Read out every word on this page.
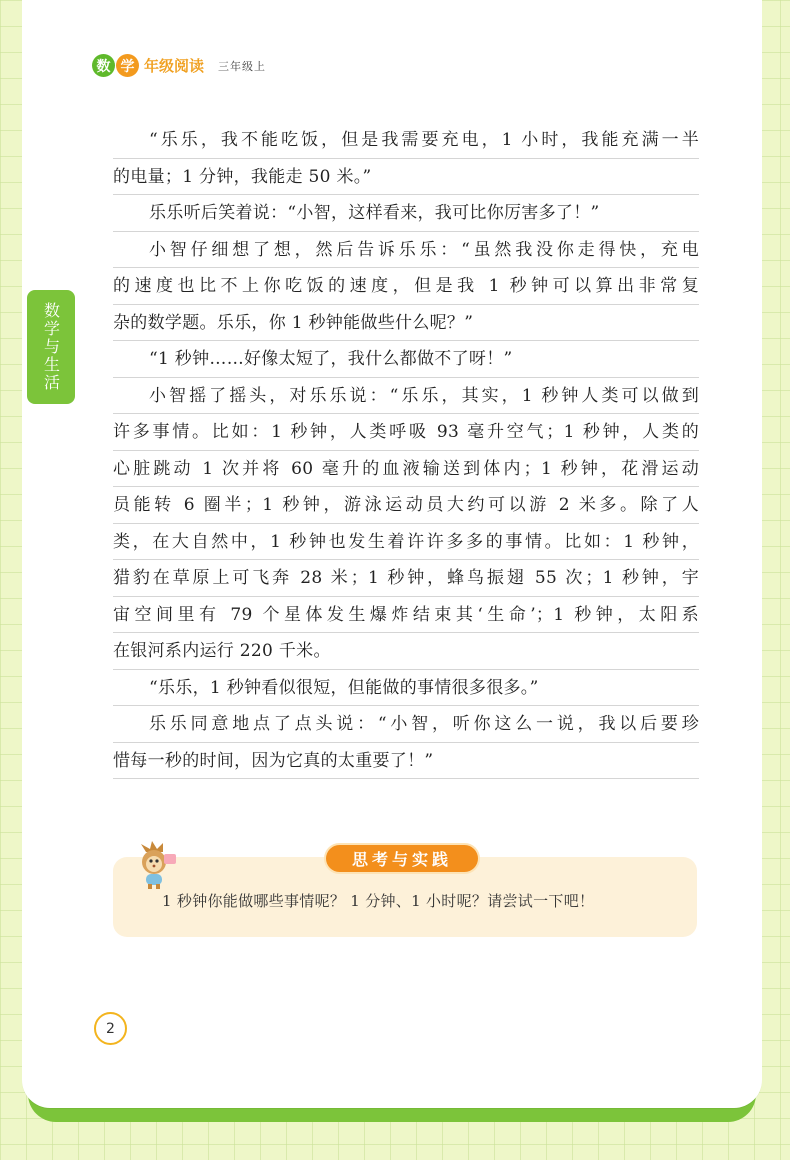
数 学 年级阅读 三年级上
数学与生活
“乐乐，我不能吃饭，但是我需要充电，1 小时，我能充满一半
的电量；1 分钟，我能走 50 米。”
乐乐听后笑着说：“小智，这样看来，我可比你厉害多了！”
小智仔细想了想，然后告诉乐乐：“虽然我没你走得快，充电
的速度也比不上你吃饭的速度，但是我 1 秒钟可以算出非常复
杂的数学题。乐乐，你 1 秒钟能做些什么呢？”
“1 秒钟……好像太短了，我什么都做不了呀！”
小智摇了摇头，对乐乐说：“乐乐，其实，1 秒钟人类可以做到
许多事情。比如：1 秒钟，人类呼吸 93 毫升空气；1 秒钟，人类的
心脏跳动 1 次并将 60 毫升的血液输送到体内；1 秒钟，花滑运动
员能转 6 圈半；1 秒钟，游泳运动员大约可以游 2 米多。除了人
类，在大自然中，1 秒钟也发生着许许多多的事情。比如：1 秒钟，
猎豹在草原上可飞奔 28 米；1 秒钟，蜂鸟振翅 55 次；1 秒钟，宇
宙空间里有 79 个星体发生爆炸结束其‘生命’；1 秒钟，太阳系
在银河系内运行 220 千米。
“乐乐，1 秒钟看似很短，但能做的事情很多很多。”
乐乐同意地点了点头说：“小智，听你这么一说，我以后要珍
惜每一秒的时间，因为它真的太重要了！”
思考与实践
1 秒钟你能做哪些事情呢？ 1 分钟、1 小时呢？请尝试一下吧！
2
